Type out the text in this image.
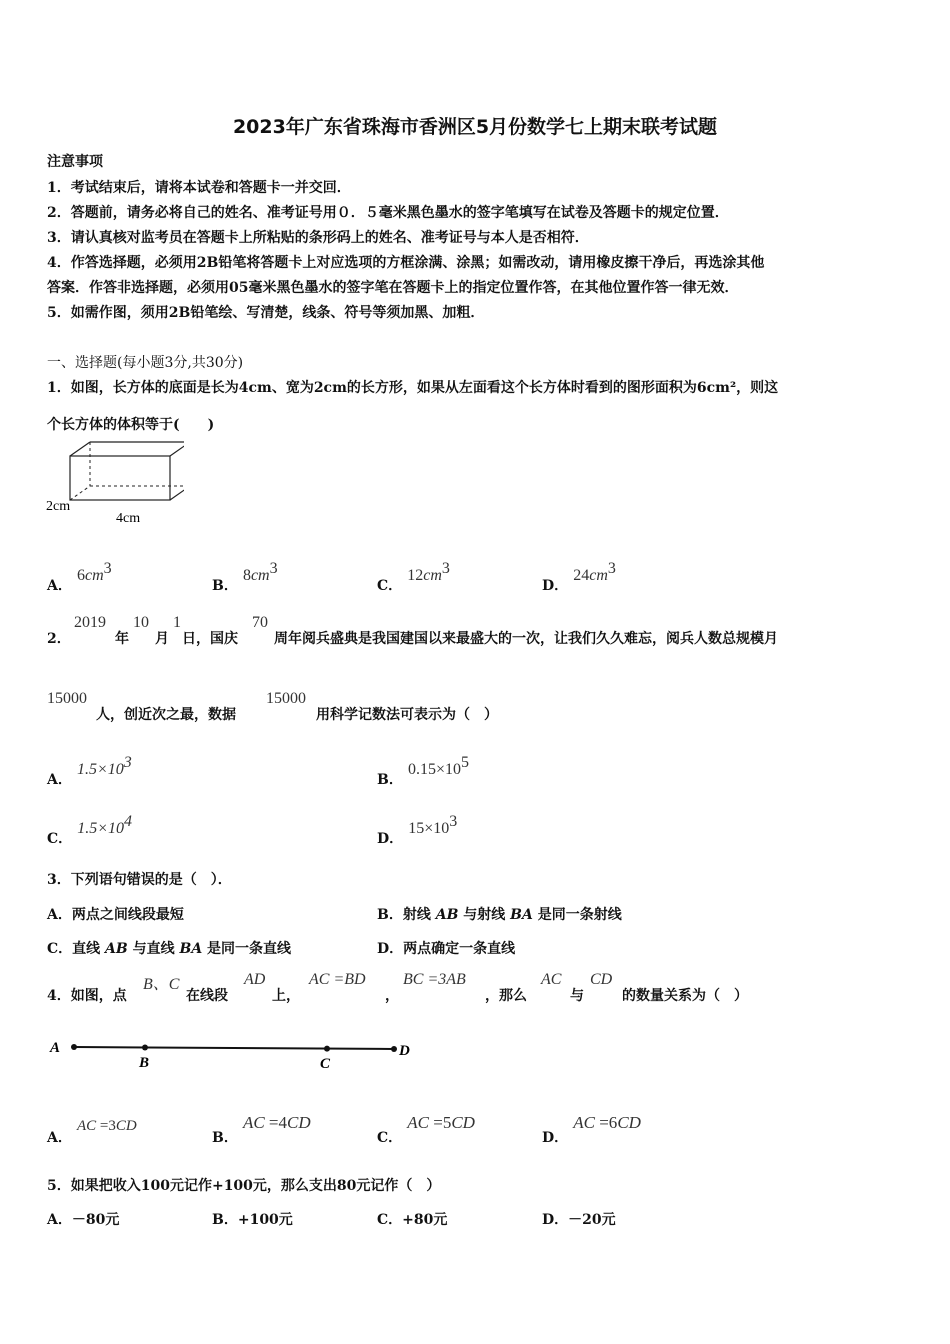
2023年广东省珠海市香洲区5月份数学七上期末联考试题
注意事项
1．考试结束后，请将本试卷和答题卡一并交回．
2．答题前，请务必将自己的姓名、准考证号用０．５毫米黑色墨水的签字笔填写在试卷及答题卡的规定位置．
3．请认真核对监考员在答题卡上所粘贴的条形码上的姓名、准考证号与本人是否相符．
4．作答选择题，必须用2B铅笔将答题卡上对应选项的方框涂满、涂黑；如需改动，请用橡皮擦干净后，再选涂其他
答案．作答非选择题，必须用05毫米黑色墨水的签字笔在答题卡上的指定位置作答，在其他位置作答一律无效．
5．如需作图，须用2B铅笔绘、写清楚，线条、符号等须加黑、加粗．
一、选择题(每小题3分,共30分)
1．如图，长方体的底面是长为4cm、宽为2cm的长方形，如果从左面看这个长方体时看到的图形面积为6cm²，则这
个长方体的体积等于(　　)
2cm
4cm
A． $6cm^3$
B． $8cm^3$
C． $12cm^3$
D． $24cm^3$
2．
2019
年
10
月
1
日，国庆
70
周年阅兵盛典是我国建国以来最盛大的一次，让我们久久难忘，阅兵人数总规模月
15000
人，创近次之最，数据
15000
用科学记数法可表示为（　）
A． $1.5\times 10^3$
B． $0.15\times 10^5$
C． $1.5\times 10^4$
D． $15\times 10^3$
3．下列语句错误的是（　）．
A．两点之间线段最短	B．射线 AB 与射线 BA 是同一条射线
C．直线 AB 与直线 BA 是同一条直线	D．两点确定一条直线
4．如图，点
B、C
在线段
AD
上，
AC =BD
，
BC =3AB
，那么
AC
与
CD
的数量关系为（　）
A
B	C
D
A． AC =3CD
B． AC =4CD
C． AC =5CD
D． AC =6CD
5．如果把收入100元记作+100元，那么支出80元记作（　）
A．－80元	B．+100元	C．+80元	D．－20元
